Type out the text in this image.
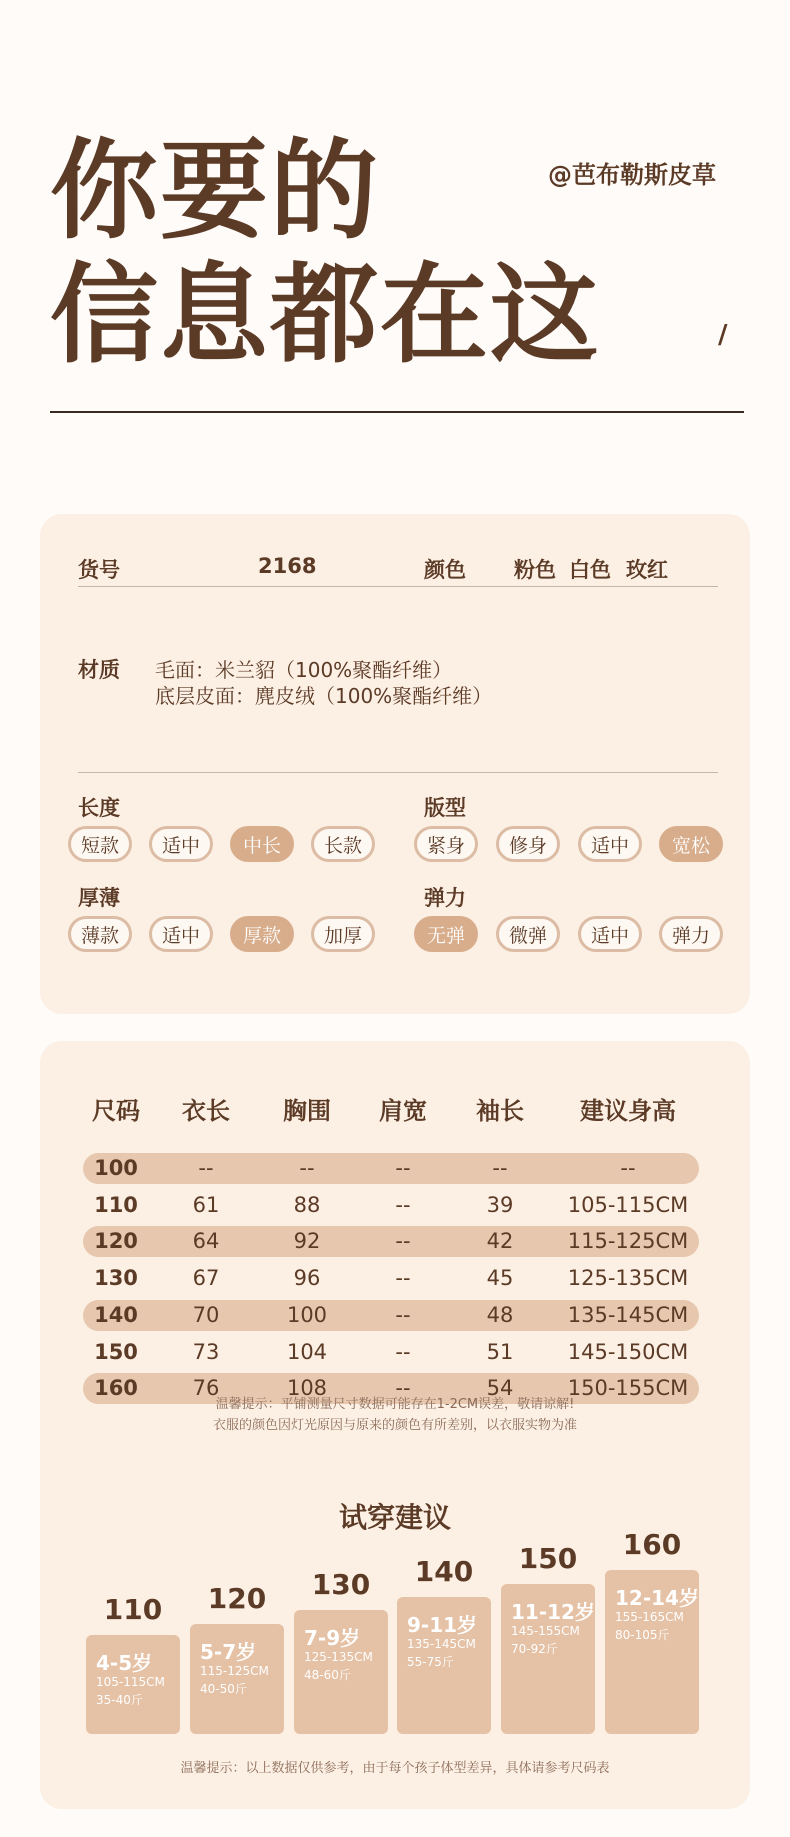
你要的
信息都在这
@芭布勒斯皮草
/
货号	2168	颜色 粉色 白色 玫红
材质 毛面：米兰貂（100%聚酯纤维）
底层皮面：麂皮绒（100%聚酯纤维）
长度
短款	适中	中长	长款
版型
紧身	修身	适中	宽松
厚薄
薄款	适中	厚款	加厚
弹力
无弹	微弹	适中	弹力
尺码 衣长 胸围 肩宽 袖长 建议身高
100	--	--	--	--	--
110	61	88	--	39	105-115CM
120	64	92	--	42	115-125CM
130	67	96	--	45	125-135CM
140	70	100	--	48	135-145CM
150	73	104	--	51	145-150CM
160	76	108	--	54	150-155CM
温馨提示：平铺测量尺寸数据可能存在1-2CM误差，敬请谅解!
衣服的颜色因灯光原因与原来的颜色有所差别，以衣服实物为准
试穿建议
4-5岁
105-115CM
35-40斤
110
5-7岁
115-125CM
40-50斤
120
7-9岁
125-135CM
48-60斤
130
9-11岁
135-145CM
55-75斤
140
11-12岁
145-155CM
70-92斤
150
12-14岁
155-165CM
80-105斤
160
温馨提示：以上数据仅供参考，由于每个孩子体型差异，具体请参考尺码表
